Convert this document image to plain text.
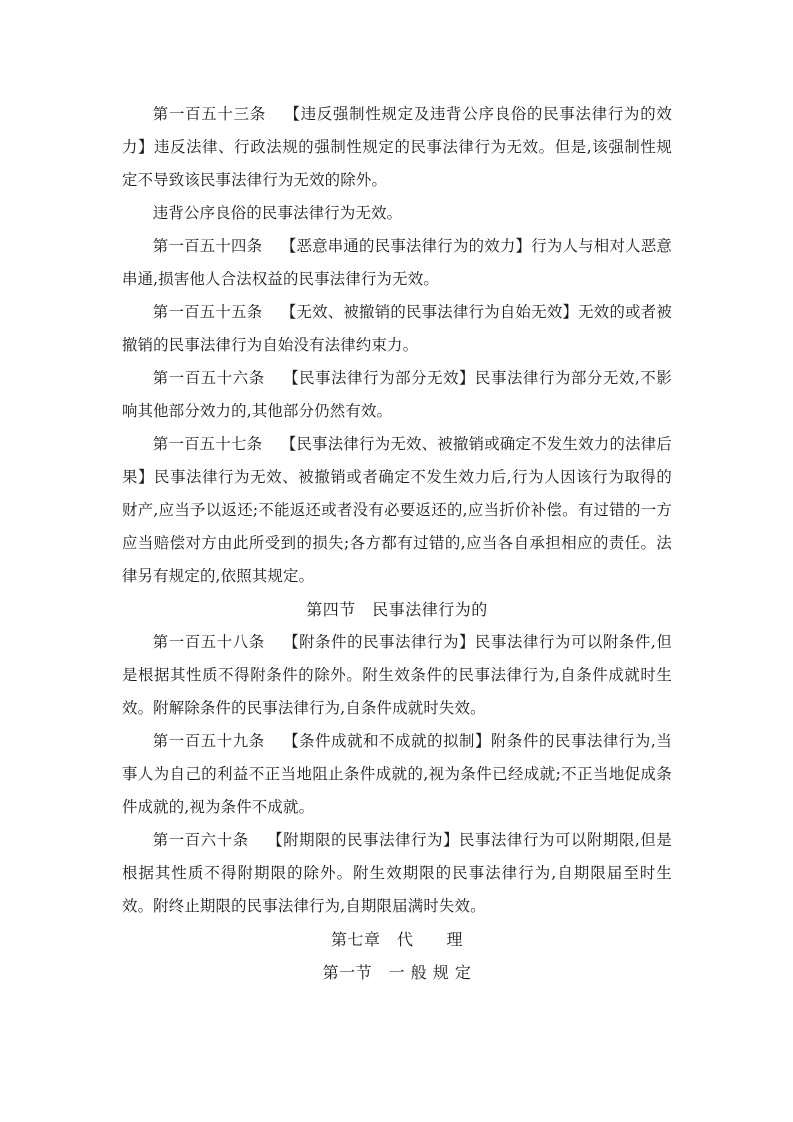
第一百五十三条 【违反强制性规定及违背公序良俗的民事法律行为的效力】违反法律、行政法规的强制性规定的民事法律行为无效。但是,该强制性规定不导致该民事法律行为无效的除外。

违背公序良俗的民事法律行为无效。

第一百五十四条 【恶意串通的民事法律行为的效力】行为人与相对人恶意串通,损害他人合法权益的民事法律行为无效。

第一百五十五条 【无效、被撤销的民事法律行为自始无效】无效的或者被撤销的民事法律行为自始没有法律约束力。

第一百五十六条 【民事法律行为部分无效】民事法律行为部分无效,不影响其他部分效力的,其他部分仍然有效。

第一百五十七条 【民事法律行为无效、被撤销或确定不发生效力的法律后果】民事法律行为无效、被撤销或者确定不发生效力后,行为人因该行为取得的财产,应当予以返还;不能返还或者没有必要返还的,应当折价补偿。有过错的一方应当赔偿对方由此所受到的损失;各方都有过错的,应当各自承担相应的责任。法律另有规定的,依照其规定。

第四节　民事法律行为的

第一百五十八条 【附条件的民事法律行为】民事法律行为可以附条件,但是根据其性质不得附条件的除外。附生效条件的民事法律行为,自条件成就时生效。附解除条件的民事法律行为,自条件成就时失效。

第一百五十九条 【条件成就和不成就的拟制】附条件的民事法律行为,当事人为自己的利益不正当地阻止条件成就的,视为条件已经成就;不正当地促成条件成就的,视为条件不成就。

第一百六十条 【附期限的民事法律行为】民事法律行为可以附期限,但是根据其性质不得附期限的除外。附生效期限的民事法律行为,自期限届至时生效。附终止期限的民事法律行为,自期限届满时失效。

第七章　代　　理

第一节　一 般 规 定
